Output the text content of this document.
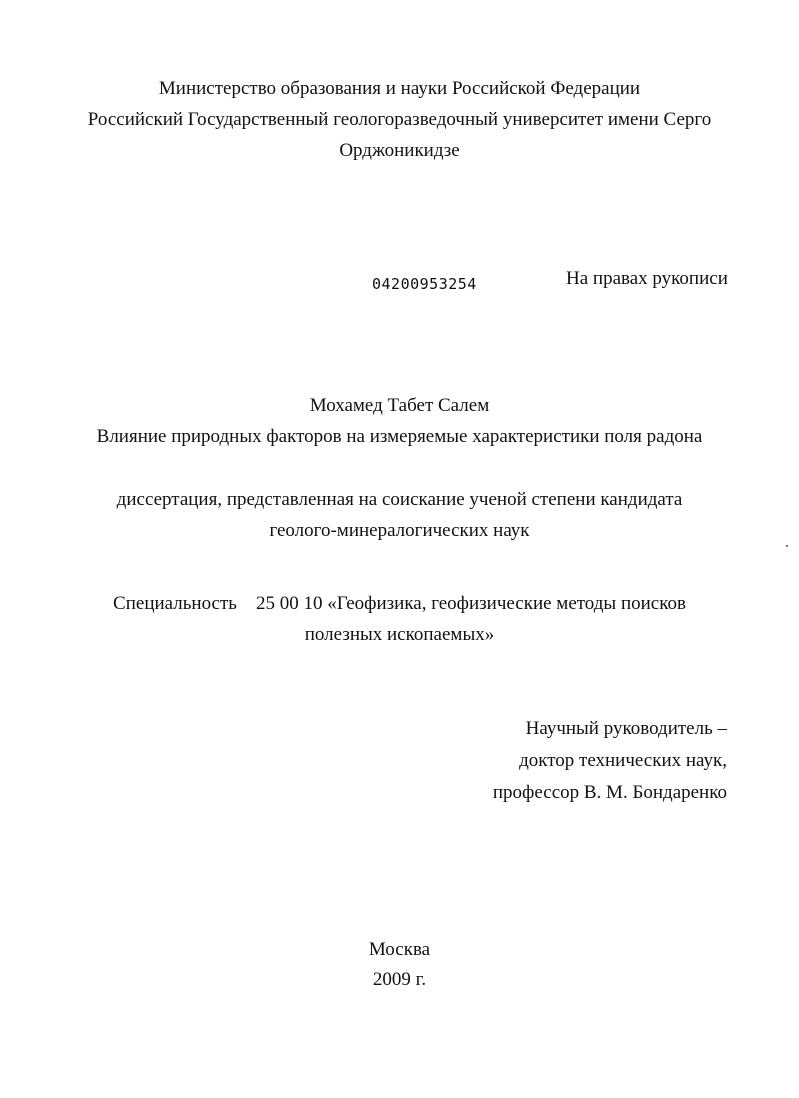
Министерство образования и науки Российской Федерации
Российский Государственный геологоразведочный университет имени Серго
Орджоникидзе
04200953254	На правах рукописи
Мохамед Табет Салем
Влияние природных факторов на измеряемые характеристики поля радона
диссертация, представленная на соискание ученой степени кандидата
геолого-минералогических наук
Специальность    25 00 10 «Геофизика, геофизические методы поисков
полезных ископаемых»
Научный руководитель –
доктор технических наук,
профессор В. М. Бондаренко
Москва
2009 г.
